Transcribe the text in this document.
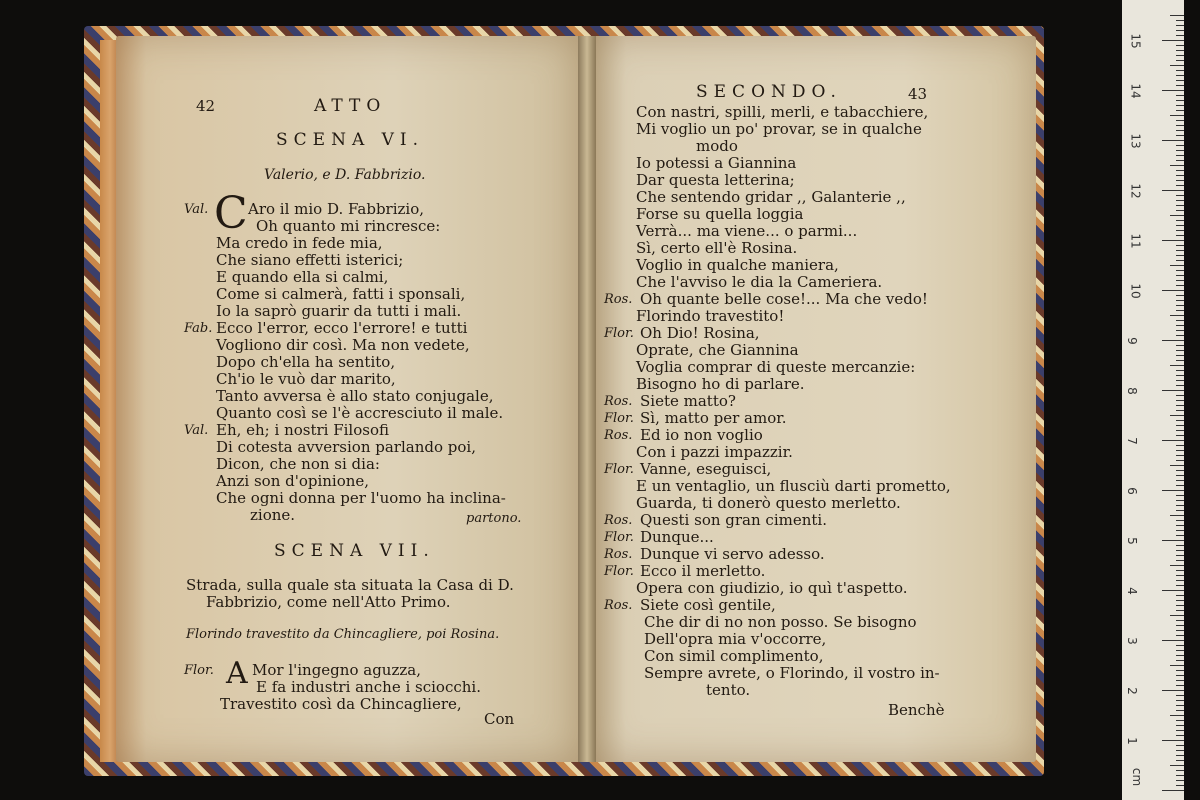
42	ATTO
SCENA VI.
Valerio, e D. Fabbrizio.
C
Val.	Aro il mio D. Fabbrizio,
Oh quanto mi rincresce:
Ma credo in fede mia,
Che siano effetti isterici;
E quando ella si calmi,
Come si calmerà, fatti i sponsali,
Io la saprò guarir da tutti i mali.
Fab. Ecco l'error, ecco l'errore! e tutti
Vogliono dir così. Ma non vedete,
Dopo ch'ella ha sentito,
Ch'io le vuò dar marito,
Tanto avversa è allo stato conjugale,
Quanto così se l'è accresciuto il male.
Val. Eh, eh; i nostri Filosofi
Di cotesta avversion parlando poi,
Dicon, che non si dia:
Anzi son d'opinione,
Che ogni donna per l'uomo ha inclina-
zione.	partono.
SCENA VII.
Strada, sulla quale sta situata la Casa di D.
Fabbrizio, come nell'Atto Primo.
Florindo travestito da Chincagliere, poi Rosina.
A
Flor.	Mor l'ingegno aguzza,
E fa industri anche i sciocchi.
Travestito così da Chincagliere,
Con
SECONDO.	43
Con nastri, spilli, merli, e tabacchiere,
Mi voglio un po' provar, se in qualche
modo
Io potessi a Giannina
Dar questa letterina;
Che sentendo gridar ,, Galanterie ,,
Forse su quella loggia
Verrà... ma viene... o parmi...
Sì, certo ell'è Rosina.
Voglio in qualche maniera,
Che l'avviso le dia la Cameriera.
Ros. Oh quante belle cose!... Ma che vedo!
Florindo travestito!
Flor. Oh Dio! Rosina,
Oprate, che Giannina
Voglia comprar di queste mercanzie:
Bisogno ho di parlare.
Ros. Siete matto?
Flor. Sì, matto per amor.
Ros. Ed io non voglio
Con i pazzi impazzir.
Flor. Vanne, eseguisci,
E un ventaglio, un flusciù darti prometto,
Guarda, ti donerò questo merletto.
Ros. Questi son gran cimenti.
Flor. Dunque...
Ros. Dunque vi servo adesso.
Flor. Ecco il merletto.
Opera con giudizio, io quì t'aspetto.
Ros. Siete così gentile,
Che dir di no non posso. Se bisogno
Dell'opra mia v'occorre,
Con simil complimento,
Sempre avrete, o Florindo, il vostro in-
tento.
Benchè
cm
1
2
3
4
5
6
7
8
9
10
11
12
13
14
15
